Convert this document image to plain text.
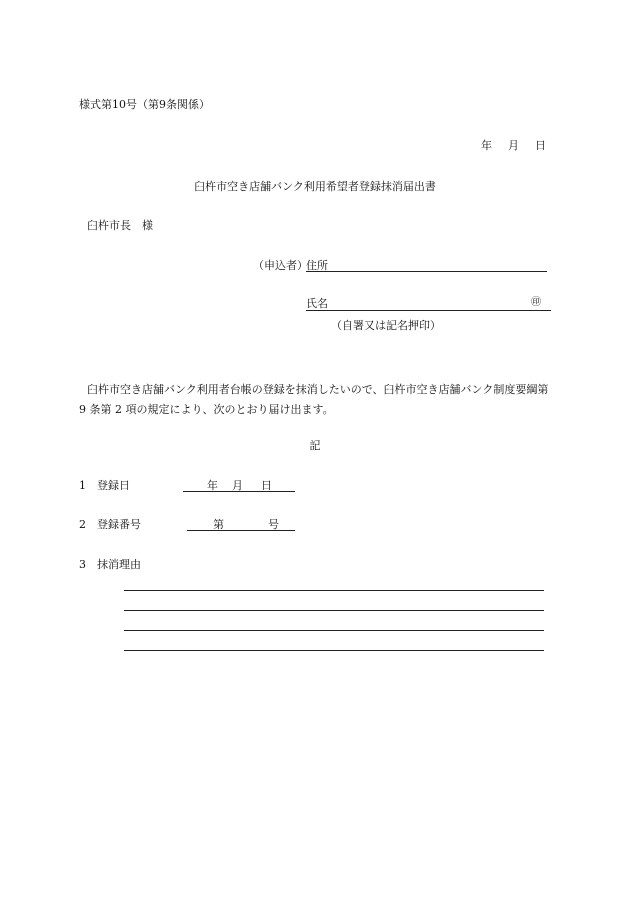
様式第10号（第9条関係）
年 月 日
臼杵市空き店舗バンク利用希望者登録抹消届出書
臼杵市長　様
（申込者）
住所
氏名	㊞
（自署又は記名押印）
臼杵市空き店舗バンク利用者台帳の登録を抹消したいので、臼杵市空き店舗バンク制度要綱第
9 条第 2 項の規定により、次のとおり届け出ます。
記
1　登録日	年 月 日
2　登録番号	第	号
3　抹消理由
